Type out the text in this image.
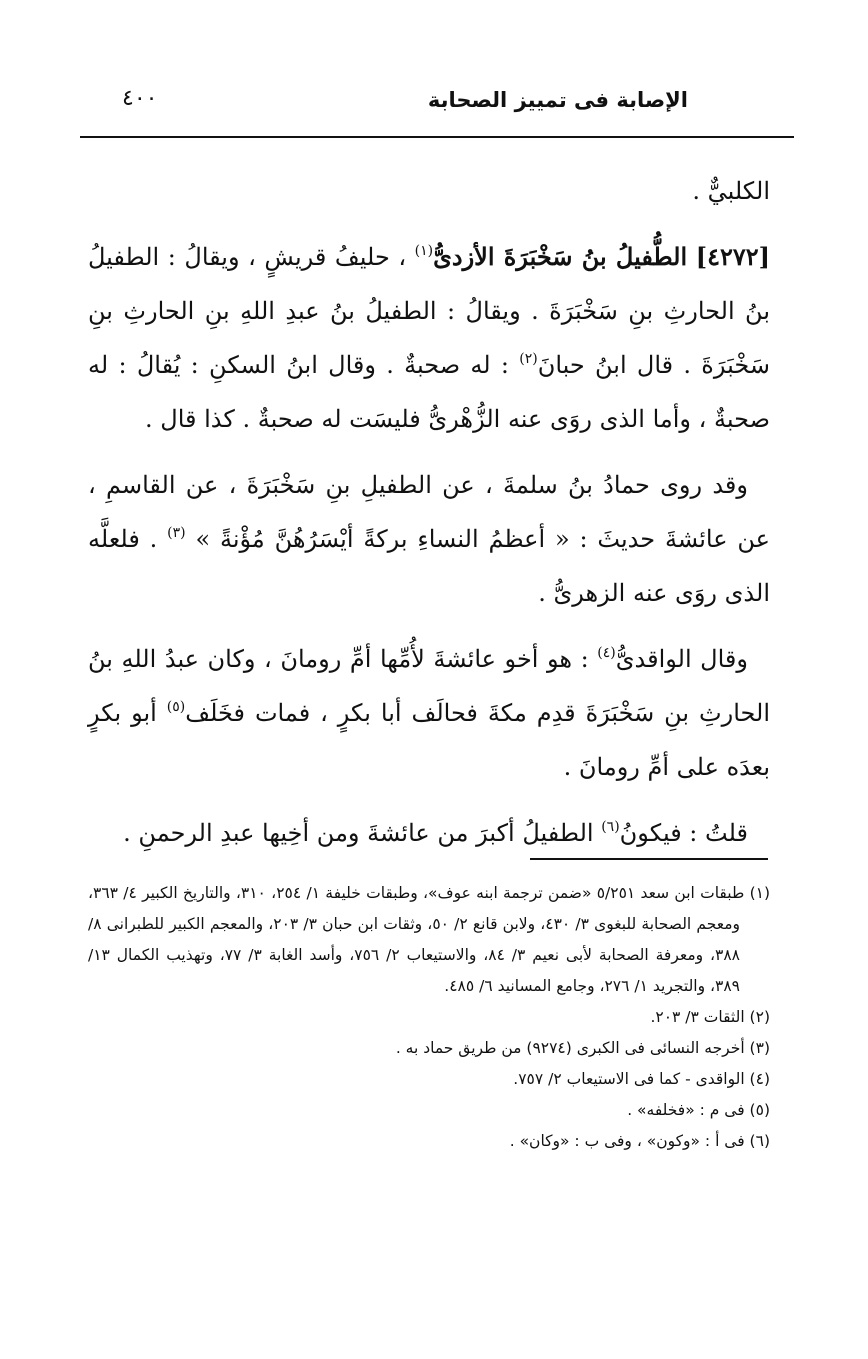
الإصابة فى تمييز الصحابة
٤٠٠

الكلبيٌّ .

[٤٢٧٢] الطُّفيلُ بنُ سَخْبَرَةَ الأزدىُّ$^{(١)}$ ، حليفُ قريشٍ ، ويقالُ : الطفيلُ بنُ الحارثِ بنِ سَخْبَرَةَ . ويقالُ : الطفيلُ بنُ عبدِ اللهِ بنِ الحارثِ بنِ سَخْبَرَةَ . قال ابنُ حبانَ$^{(٢)}$ : له صحبةٌ . وقال ابنُ السكنِ : يُقالُ : له صحبةٌ ، وأما الذى روَى عنه الزُّهْرىُّ فليسَت له صحبةٌ . كذا قال .

وقد روى حمادُ بنُ سلمةَ ، عن الطفيلِ بنِ سَخْبَرَةَ ، عن القاسمِ ، عن عائشةَ حديثَ : « أعظمُ النساءِ بركةً أيْسَرُهُنَّ مُؤْنةً » $^{(٣)}$ . فلعلَّه الذى روَى عنه الزهرىُّ .

وقال الواقدىُّ$^{(٤)}$ : هو أخو عائشةَ لأُمِّها أمِّ رومانَ ، وكان عبدُ اللهِ بنُ الحارثِ بنِ سَخْبَرَةَ قدِم مكةَ فحالَف أبا بكرٍ ، فمات فخَلَف$^{(٥)}$ أبو بكرٍ بعدَه على أمِّ رومانَ .

قلتُ : فيكونُ$^{(٦)}$ الطفيلُ أكبرَ من عائشةَ ومن أخِيها عبدِ الرحمنِ .

(١) طبقات ابن سعد ٥/٢٥١ «ضمن ترجمة ابنه عوف»، وطبقات خليفة ١/ ٢٥٤، ٣١٠، والتاريخ الكبير ٤/ ٣٦٣، ومعجم الصحابة للبغوى ٣/ ٤٣٠، ولابن قانع ٢/ ٥٠، وثقات ابن حبان ٣/ ٢٠٣، والمعجم الكبير للطبرانى ٨/ ٣٨٨، ومعرفة الصحابة لأبى نعيم ٣/ ٨٤، والاستيعاب ٢/ ٧٥٦، وأسد الغابة ٣/ ٧٧، وتهذيب الكمال ١٣/ ٣٨٩، والتجريد ١/ ٢٧٦، وجامع المسانيد ٦/ ٤٨٥.

(٢) الثقات ٣/ ٢٠٣.

(٣) أخرجه النسائى فى الكبرى (٩٢٧٤) من طريق حماد به .

(٤) الواقدى - كما فى الاستيعاب ٢/ ٧٥٧.

(٥) فى م : «فخلفه» .

(٦) فى أ : «وكون» ، وفى ب : «وكان» .
